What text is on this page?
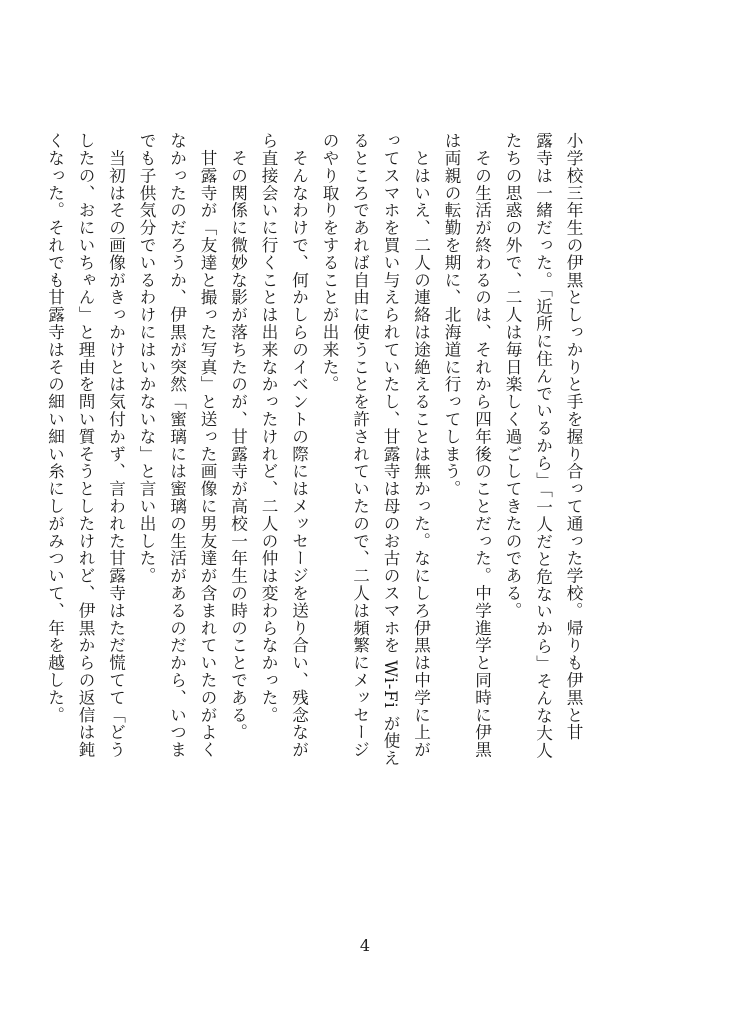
小学校三年生の伊黒としっかりと手を握り合って通った学校。帰りも伊黒と甘
露寺は一緒だった。「近所に住んでいるから」「一人だと危ないから」そんな大人
たちの思惑の外で、二人は毎日楽しく過ごしてきたのである。
　その生活が終わるのは、それから四年後のことだった。中学進学と同時に伊黒
は両親の転勤を期に、北海道に行ってしまう。
　とはいえ、二人の連絡は途絶えることは無かった。なにしろ伊黒は中学に上が
ってスマホを買い与えられていたし、甘露寺は母のお古のスマホを Wi-Fi が使え
るところであれば自由に使うことを許されていたので、二人は頻繁にメッセージ
のやり取りをすることが出来た。
　そんなわけで、何かしらのイベントの際にはメッセージを送り合い、残念なが
ら直接会いに行くことは出来なかったけれど、二人の仲は変わらなかった。
　その関係に微妙な影が落ちたのが、甘露寺が高校一年生の時のことである。
　甘露寺が「友達と撮った写真」と送った画像に男友達が含まれていたのがよく
なかったのだろうか、伊黒が突然「蜜璃には蜜璃の生活があるのだから、いつま
でも子供気分でいるわけにはいかないな」と言い出した。
　当初はその画像がきっかけとは気付かず、言われた甘露寺はただ慌てて「どう
したの、おにいちゃん」と理由を問い質そうとしたけれど、伊黒からの返信は鈍
くなった。それでも甘露寺はその細い細い糸にしがみついて、年を越した。
4
